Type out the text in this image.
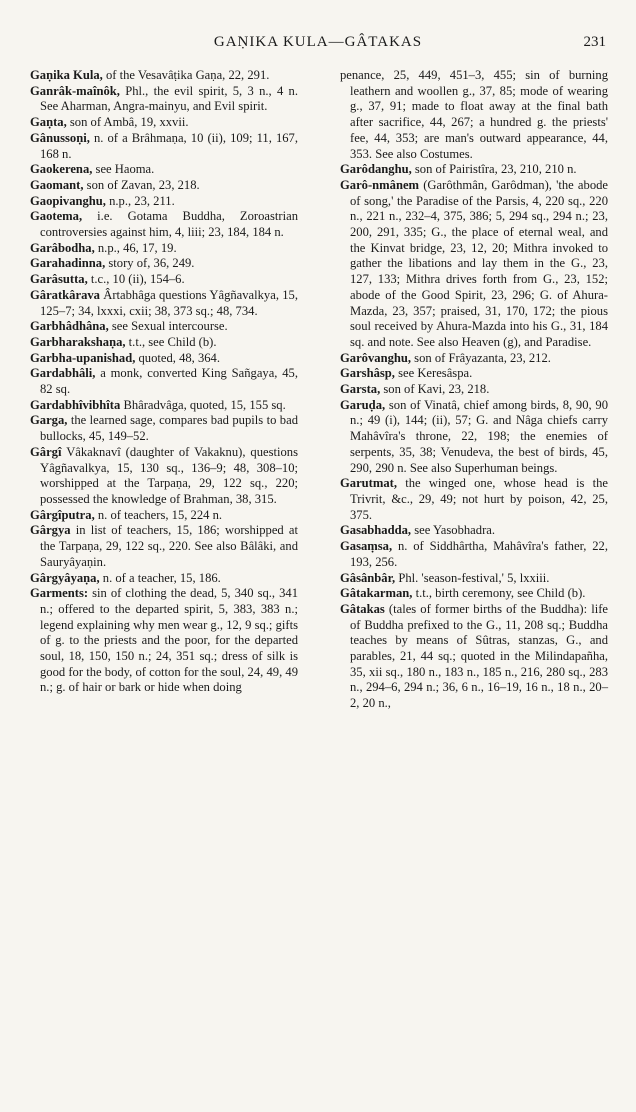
GAṆIKA KULA—GÂTAKAS	231
Gaṇika Kula, of the Vesavâṭika Gaṇa, 22, 291.
Ganrâk-maînôk, Phl., the evil spirit, 5, 3 n., 4 n. See Aharman, Angra-mainyu, and Evil spirit.
Gaṇta, son of Ambâ, 19, xxvii.
Gânussoṇi, n. of a Brâhmaṇa, 10 (ii), 109; 11, 167, 168 n.
Gaokerena, see Haoma.
Gaomant, son of Zavan, 23, 218.
Gaopivanghu, n.p., 23, 211.
Gaotema, i.e. Gotama Buddha, Zoroastrian controversies against him, 4, liii; 23, 184, 184 n.
Garâbodha, n.p., 46, 17, 19.
Garahadinna, story of, 36, 249.
Garâsutta, t.c., 10 (ii), 154–6.
Gâratkârava Ârtabhâga questions Yâgñavalkya, 15, 125–7; 34, lxxxi, cxii; 38, 373 sq.; 48, 734.
Garbhâdhâna, see Sexual intercourse.
Garbharakshaṇa, t.t., see Child (b).
Garbha-upanishad, quoted, 48, 364.
Gardabhâli, a monk, converted King Sañgaya, 45, 82 sq.
Gardabhîvibhîta Bhâradvâga, quoted, 15, 155 sq.
Garga, the learned sage, compares bad pupils to bad bullocks, 45, 149–52.
Gârgî Vâkaknavî (daughter of Vakaknu), questions Yâgñavalkya, 15, 130 sq., 136–9; 48, 308–10; worshipped at the Tarpaṇa, 29, 122 sq., 220; possessed the knowledge of Brahman, 38, 315.
Gârgîputra, n. of teachers, 15, 224 n.
Gârgya in list of teachers, 15, 186; worshipped at the Tarpaṇa, 29, 122 sq., 220. See also Bâlâki, and Sauryâyaṇin.
Gârgyâyaṇa, n. of a teacher, 15, 186.
Garments: sin of clothing the dead, 5, 340 sq., 341 n.; offered to the departed spirit, 5, 383, 383 n.; legend explaining why men wear g., 12, 9 sq.; gifts of g. to the priests and the poor, for the departed soul, 18, 150, 150 n.; 24, 351 sq.; dress of silk is good for the body, of cotton for the soul, 24, 49, 49 n.; g. of hair or bark or hide when doing
penance, 25, 449, 451–3, 455; sin of burning leathern and woollen g., 37, 85; mode of wearing g., 37, 91; made to float away at the final bath after sacrifice, 44, 267; a hundred g. the priests' fee, 44, 353; are man's outward appearance, 44, 353. See also Costumes.
Garôdanghu, son of Pairistîra, 23, 210, 210 n.
Garô-nmânem (Garôthmân, Garôdman), 'the abode of song,' the Paradise of the Parsis, 4, 220 sq., 220 n., 221 n., 232–4, 375, 386; 5, 294 sq., 294 n.; 23, 200, 291, 335; G., the place of eternal weal, and the Kinvat bridge, 23, 12, 20; Mithra invoked to gather the libations and lay them in the G., 23, 127, 133; Mithra drives forth from G., 23, 152; abode of the Good Spirit, 23, 296; G. of Ahura-Mazda, 23, 357; praised, 31, 170, 172; the pious soul received by Ahura-Mazda into his G., 31, 184 sq. and note. See also Heaven (g), and Paradise.
Garôvanghu, son of Frâyazanta, 23, 212.
Garshâsp, see Keresâspa.
Garsta, son of Kavi, 23, 218.
Garuḍa, son of Vinatâ, chief among birds, 8, 90, 90 n.; 49 (i), 144; (ii), 57; G. and Nâga chiefs carry Mahâvîra's throne, 22, 198; the enemies of serpents, 35, 38; Venudeva, the best of birds, 45, 290, 290 n. See also Superhuman beings.
Garutmat, the winged one, whose head is the Trivrit, &c., 29, 49; not hurt by poison, 42, 25, 375.
Gasabhadda, see Yasobhadra.
Gasaṃsa, n. of Siddhârtha, Mahâvîra's father, 22, 193, 256.
Gâsânbâr, Phl. 'season-festival,' 5, lxxiii.
Gâtakarman, t.t., birth ceremony, see Child (b).
Gâtakas (tales of former births of the Buddha): life of Buddha prefixed to the G., 11, 208 sq.; Buddha teaches by means of Sûtras, stanzas, G., and parables, 21, 44 sq.; quoted in the Milindapañha, 35, xii sq., 180 n., 183 n., 185 n., 216, 280 sq., 283 n., 294–6, 294 n.; 36, 6 n., 16–19, 16 n., 18 n., 20–2, 20 n.,
